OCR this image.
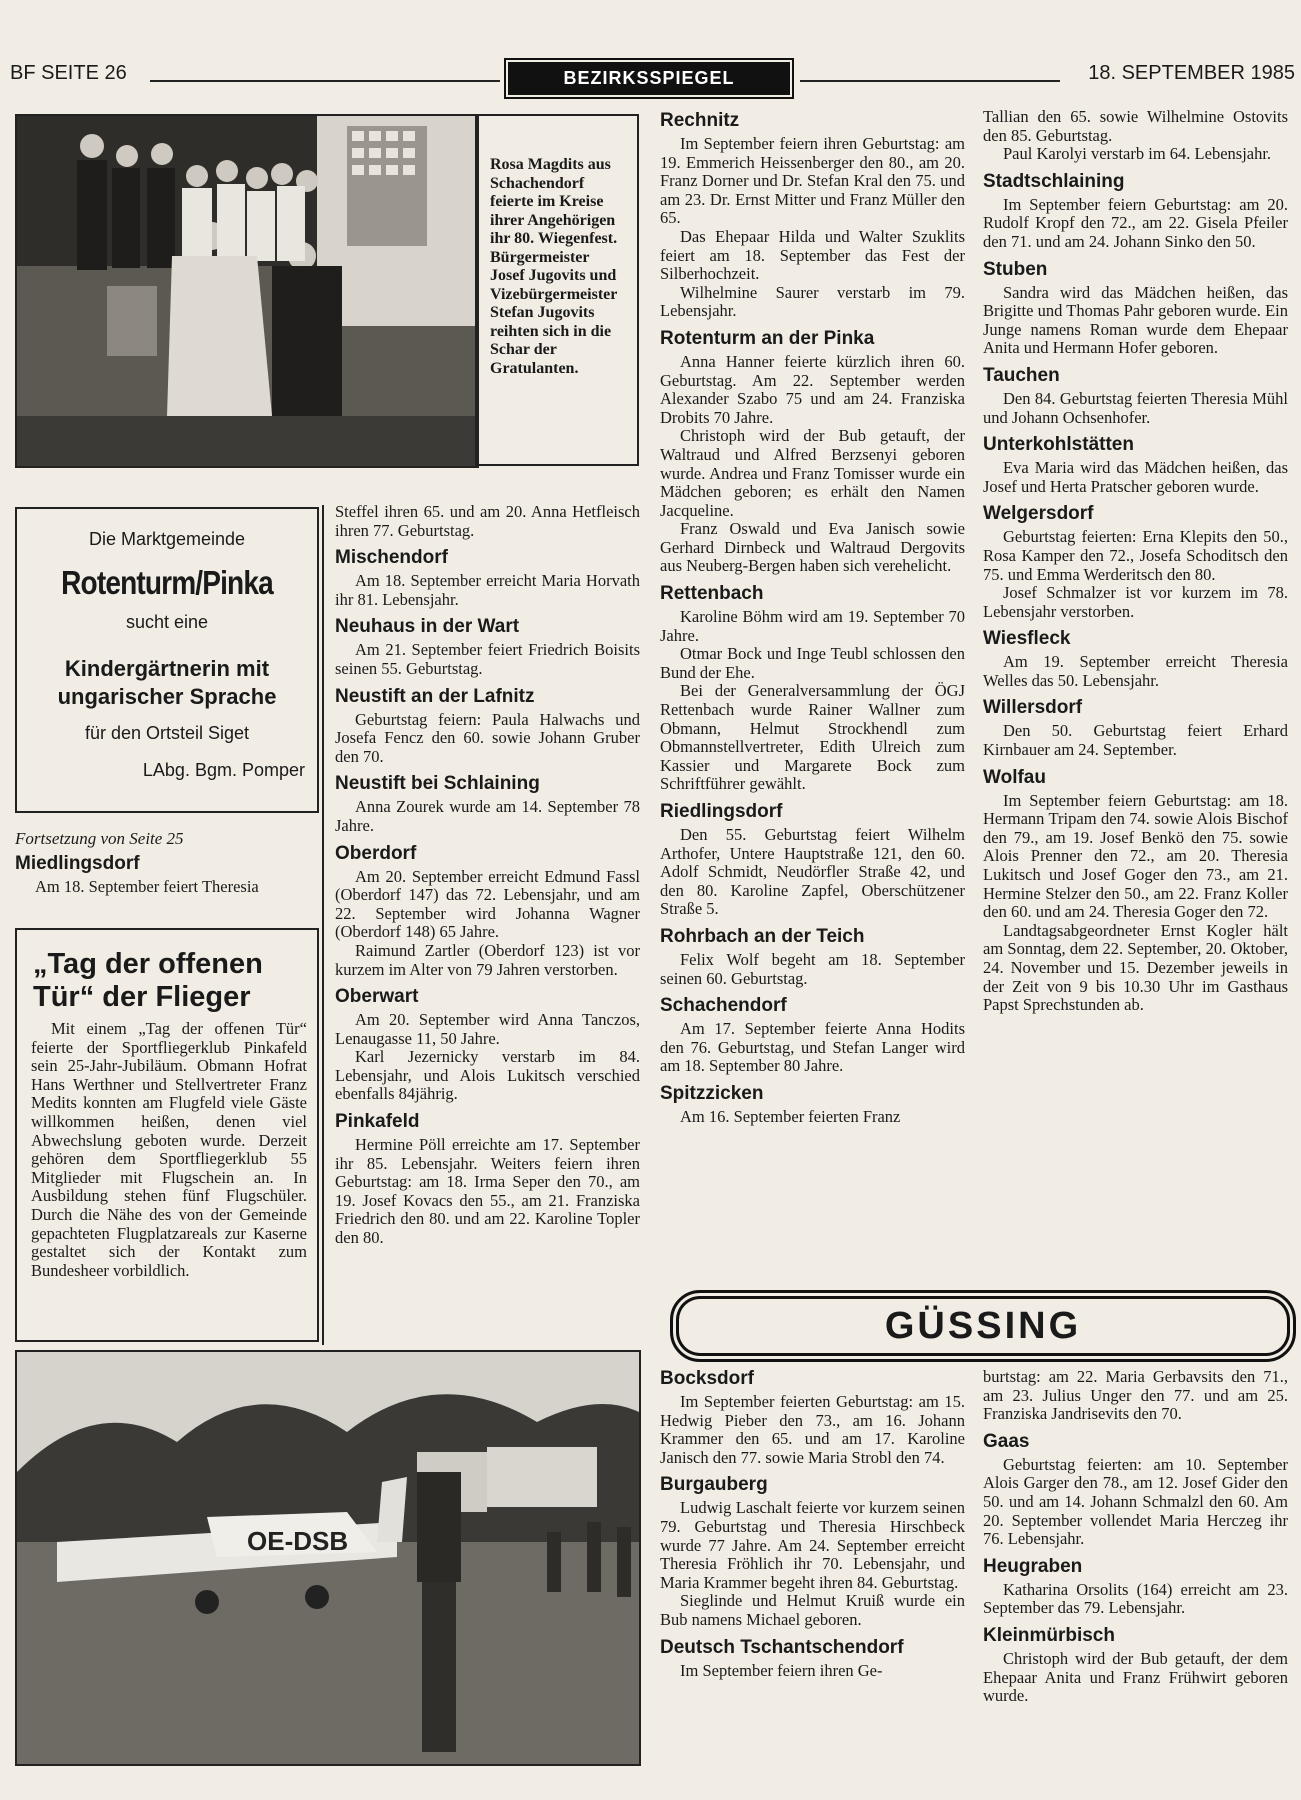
BF SEITE 26	BEZIRKSSPIEGEL	18. SEPTEMBER 1985
Rosa Magdits aus Schachendorf feierte im Kreise ihrer Angehörigen ihr 80. Wiegenfest. Bürgermeister Josef Jugovits und Vizebürgermeister Stefan Jugovits reihten sich in die Schar der Gratulanten.
Die Marktgemeinde
Rotenturm/Pinka
sucht eine
Kindergärtnerin mit ungarischer Sprache
für den Ortsteil Siget
LAbg. Bgm. Pomper
Fortsetzung von Seite 25
Miedlingsdorf

Am 18. September feiert Theresia

„Tag der offenen Tür“ der Flieger

Mit einem „Tag der offenen Tür“ feierte der Sportfliegerklub Pinkafeld sein 25-Jahr-Jubiläum. Obmann Hofrat Hans Werthner und Stellvertreter Franz Medits konnten am Flugfeld viele Gäste willkommen heißen, denen viel Abwechslung geboten wurde. Derzeit gehören dem Sportfliegerklub 55 Mitglieder mit Flugschein an. In Ausbildung stehen fünf Flugschüler. Durch die Nähe des von der Gemeinde gepachteten Flugplatzareals zur Kaserne gestaltet sich der Kontakt zum Bundesheer vorbildlich.

OE-DSB

Steffel ihren 65. und am 20. Anna Hetfleisch ihren 77. Geburtstag.

Mischendorf

Am 18. September erreicht Maria Horvath ihr 81. Lebensjahr.

Neuhaus in der Wart

Am 21. September feiert Friedrich Boisits seinen 55. Geburtstag.

Neustift an der Lafnitz

Geburtstag feiern: Paula Halwachs und Josefa Fencz den 60. sowie Johann Gruber den 70.

Neustift bei Schlaining

Anna Zourek wurde am 14. September 78 Jahre.

Oberdorf

Am 20. September erreicht Edmund Fassl (Oberdorf 147) das 72. Lebensjahr, und am 22. September wird Johanna Wagner (Oberdorf 148) 65 Jahre.

Raimund Zartler (Oberdorf 123) ist vor kurzem im Alter von 79 Jahren verstorben.

Oberwart

Am 20. September wird Anna Tanczos, Lenaugasse 11, 50 Jahre.

Karl Jezernicky verstarb im 84. Lebensjahr, und Alois Lukitsch verschied ebenfalls 84jährig.

Pinkafeld

Hermine Pöll erreichte am 17. September ihr 85. Lebensjahr. Weiters feiern ihren Geburtstag: am 18. Irma Seper den 70., am 19. Josef Kovacs den 55., am 21. Franziska Friedrich den 80. und am 22. Karoline Topler den 80.

Rechnitz

Im September feiern ihren Geburtstag: am 19. Emmerich Heissenberger den 80., am 20. Franz Dorner und Dr. Stefan Kral den 75. und am 23. Dr. Ernst Mitter und Franz Müller den 65.

Das Ehepaar Hilda und Walter Szuklits feiert am 18. September das Fest der Silberhochzeit.

Wilhelmine Saurer verstarb im 79. Lebensjahr.

Rotenturm an der Pinka

Anna Hanner feierte kürzlich ihren 60. Geburtstag. Am 22. September werden Alexander Szabo 75 und am 24. Franziska Drobits 70 Jahre.

Christoph wird der Bub getauft, der Waltraud und Alfred Berzsenyi geboren wurde. Andrea und Franz Tomisser wurde ein Mädchen geboren; es erhält den Namen Jacqueline.

Franz Oswald und Eva Janisch sowie Gerhard Dirnbeck und Waltraud Dergovits aus Neuberg-Bergen haben sich verehelicht.

Rettenbach

Karoline Böhm wird am 19. September 70 Jahre.

Otmar Bock und Inge Teubl schlossen den Bund der Ehe.

Bei der Generalversammlung der ÖGJ Rettenbach wurde Rainer Wallner zum Obmann, Helmut Strockhendl zum Obmannstellvertreter, Edith Ulreich zum Kassier und Margarete Bock zum Schriftführer gewählt.

Riedlingsdorf

Den 55. Geburtstag feiert Wilhelm Arthofer, Untere Hauptstraße 121, den 60. Adolf Schmidt, Neudörfler Straße 42, und den 80. Karoline Zapfel, Oberschützener Straße 5.

Rohrbach an der Teich

Felix Wolf begeht am 18. September seinen 60. Geburtstag.

Schachendorf

Am 17. September feierte Anna Hodits den 76. Geburtstag, und Stefan Langer wird am 18. September 80 Jahre.

Spitzzicken

Am 16. September feierten Franz

Tallian den 65. sowie Wilhelmine Ostovits den 85. Geburtstag.

Paul Karolyi verstarb im 64. Lebensjahr.

Stadtschlaining

Im September feiern Geburtstag: am 20. Rudolf Kropf den 72., am 22. Gisela Pfeiler den 71. und am 24. Johann Sinko den 50.

Stuben

Sandra wird das Mädchen heißen, das Brigitte und Thomas Pahr geboren wurde. Ein Junge namens Roman wurde dem Ehepaar Anita und Hermann Hofer geboren.

Tauchen

Den 84. Geburtstag feierten Theresia Mühl und Johann Ochsenhofer.

Unterkohlstätten

Eva Maria wird das Mädchen heißen, das Josef und Herta Pratscher geboren wurde.

Welgersdorf

Geburtstag feierten: Erna Klepits den 50., Rosa Kamper den 72., Josefa Schoditsch den 75. und Emma Werderitsch den 80.

Josef Schmalzer ist vor kurzem im 78. Lebensjahr verstorben.

Wiesfleck

Am 19. September erreicht Theresia Welles das 50. Lebensjahr.

Willersdorf

Den 50. Geburtstag feiert Erhard Kirnbauer am 24. September.

Wolfau

Im September feiern Geburtstag: am 18. Hermann Tripam den 74. sowie Alois Bischof den 79., am 19. Josef Benkö den 75. sowie Alois Prenner den 72., am 20. Theresia Lukitsch und Josef Goger den 73., am 21. Hermine Stelzer den 50., am 22. Franz Koller den 60. und am 24. Theresia Goger den 72.

Landtagsabgeordneter Ernst Kogler hält am Sonntag, dem 22. September, 20. Oktober, 24. November und 15. Dezember jeweils in der Zeit von 9 bis 10.30 Uhr im Gasthaus Papst Sprechstunden ab.

GÜSSING
Bocksdorf

Im September feierten Geburtstag: am 15. Hedwig Pieber den 73., am 16. Johann Krammer den 65. und am 17. Karoline Janisch den 77. sowie Maria Strobl den 74.

Burgauberg

Ludwig Laschalt feierte vor kurzem seinen 79. Geburtstag und Theresia Hirschbeck wurde 77 Jahre. Am 24. September erreicht Theresia Fröhlich ihr 70. Lebensjahr, und Maria Krammer begeht ihren 84. Geburtstag.

Sieglinde und Helmut Kruiß wurde ein Bub namens Michael geboren.

Deutsch Tschantschendorf

Im September feiern ihren Ge-

burtstag: am 22. Maria Gerbavsits den 71., am 23. Julius Unger den 77. und am 25. Franziska Jandrisevits den 70.

Gaas

Geburtstag feierten: am 10. September Alois Garger den 78., am 12. Josef Gider den 50. und am 14. Johann Schmalzl den 60. Am 20. September vollendet Maria Herczeg ihr 76. Lebensjahr.

Heugraben

Katharina Orsolits (164) erreicht am 23. September das 79. Lebensjahr.

Kleinmürbisch

Christoph wird der Bub getauft, der dem Ehepaar Anita und Franz Frühwirt geboren wurde.
